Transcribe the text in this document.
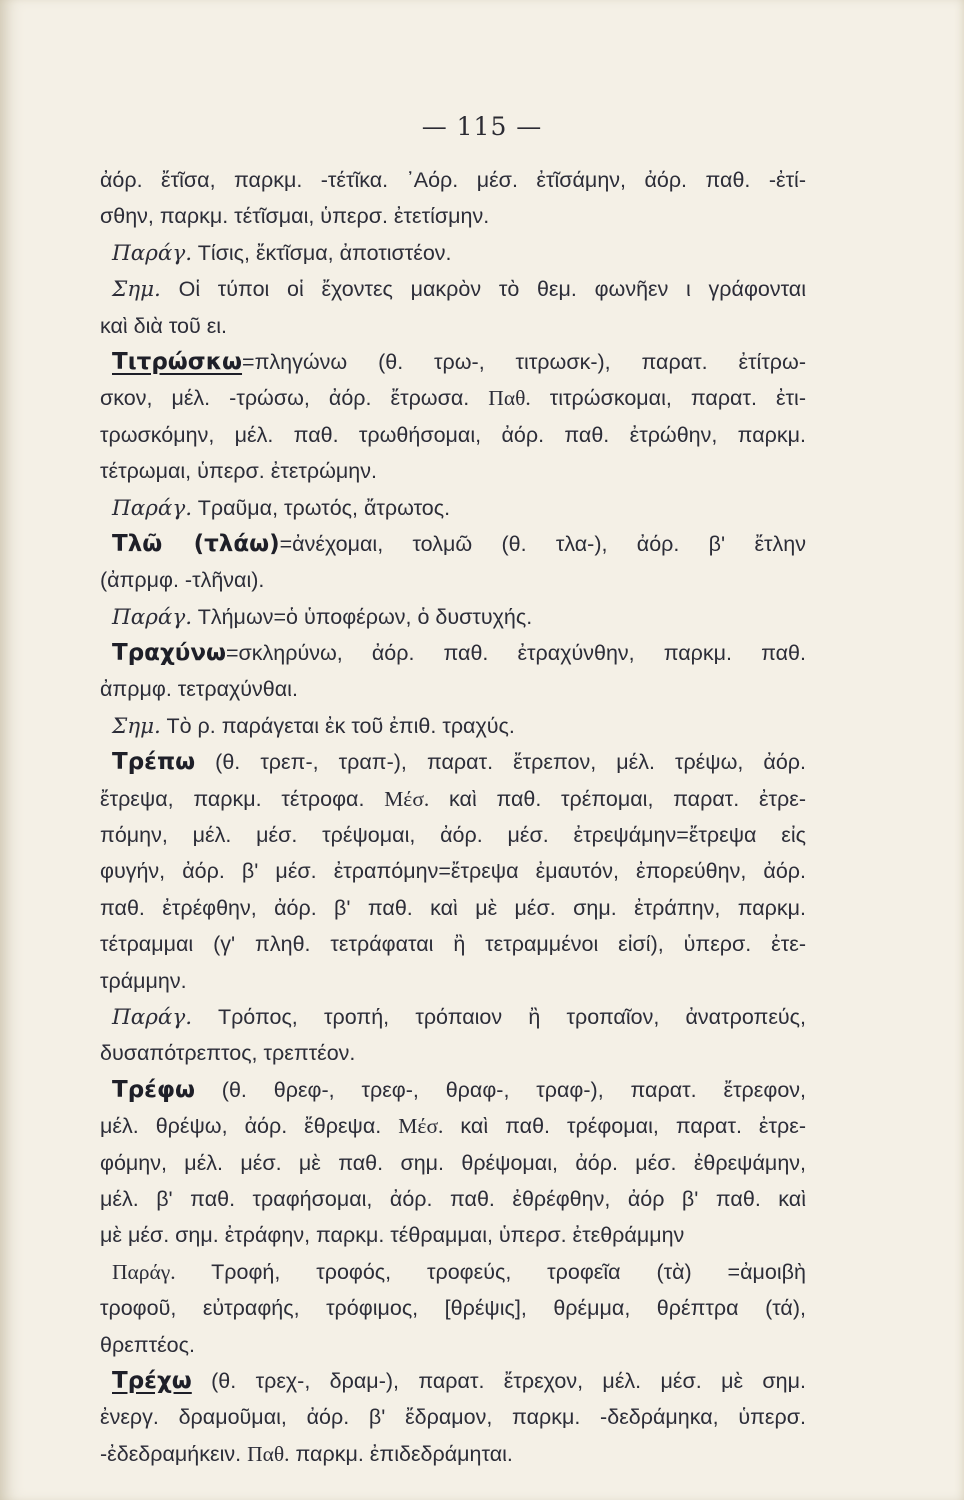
— 115 —
ἀόρ. ἔτῖσα, παρκμ. -τέτῖκα. ᾿Αόρ. μέσ. ἐτῖσάμην, ἀόρ. παθ. -ἐτί-
σθην, παρκμ. τέτῖσμαι, ὑπερσ. ἐτετίσμην.
Παράγ. Τίσις, ἔκτῖσμα, ἀποτιστέον.
Σημ. Οἱ τύποι οἱ ἔχοντες μακρὸν τὸ θεμ. φωνῆεν ι γράφονται
καὶ διὰ τοῦ ει.
Τιτρώσκω=πληγώνω (θ. τρω-, τιτρωσκ-), παρατ. ἐτίτρω-
σκον, μέλ. -τρώσω, ἀόρ. ἔτρωσα. Παθ. τιτρώσκομαι, παρατ. ἐτι-
τρωσκόμην, μέλ. παθ. τρωθήσομαι, ἀόρ. παθ. ἐτρώθην, παρκμ.
τέτρωμαι, ὑπερσ. ἐτετρώμην.
Παράγ. Τραῦμα, τρωτός, ἄτρωτος.
Τλῶ (τλάω)=ἀνέχομαι, τολμῶ (θ. τλα-), ἀόρ. β' ἔτλην
(ἀπρμφ. -τλῆναι).
Παράγ. Τλήμων=ὁ ὑποφέρων, ὁ δυστυχής.
Τραχύνω=σκληρύνω, ἀόρ. παθ. ἐτραχύνθην, παρκμ. παθ.
ἀπρμφ. τετραχύνθαι.
Σημ. Τὸ ρ. παράγεται ἐκ τοῦ ἐπιθ. τραχύς.
Τρέπω (θ. τρεπ-, τραπ-), παρατ. ἔτρεπον, μέλ. τρέψω, ἀόρ.
ἔτρεψα, παρκμ. τέτροφα. Μέσ. καὶ παθ. τρέπομαι, παρατ. ἐτρε-
πόμην, μέλ. μέσ. τρέψομαι, ἀόρ. μέσ. ἐτρεψάμην=ἔτρεψα εἰς
φυγήν, ἀόρ. β' μέσ. ἐτραπόμην=ἔτρεψα ἐμαυτόν, ἐπορεύθην, ἀόρ.
παθ. ἐτρέφθην, ἀόρ. β' παθ. καὶ μὲ μέσ. σημ. ἐτράπην, παρκμ.
τέτραμμαι (γ' πληθ. τετράφαται ἢ τετραμμένοι εἰσί), ὑπερσ. ἐτε-
τράμμην.
Παράγ. Τρόπος, τροπή, τρόπαιον ἢ τροπαῖον, ἀνατροπεύς,
δυσαπότρεπτος, τρεπτέον.
Τρέφω (θ. θρεφ-, τρεφ-, θραφ-, τραφ-), παρατ. ἔτρεφον,
μέλ. θρέψω, ἀόρ. ἔθρεψα. Μέσ. καὶ παθ. τρέφομαι, παρατ. ἐτρε-
φόμην, μέλ. μέσ. μὲ παθ. σημ. θρέψομαι, ἀόρ. μέσ. ἐθρεψάμην,
μέλ. β' παθ. τραφήσομαι, ἀόρ. παθ. ἐθρέφθην, ἀόρ β' παθ. καὶ
μὲ μέσ. σημ. ἐτράφην, παρκμ. τέθραμμαι, ὑπερσ. ἐτεθράμμην
Παράγ. Τροφή, τροφός, τροφεύς, τροφεῖα (τὰ) =ἀμοιβὴ
τροφοῦ, εὐτραφής, τρόφιμος, [θρέψις], θρέμμα, θρέπτρα (τά),
θρεπτέος.
Τρέχω (θ. τρεχ-, δραμ-), παρατ. ἔτρεχον, μέλ. μέσ. μὲ σημ.
ἐνεργ. δραμοῦμαι, ἀόρ. β' ἔδραμον, παρκμ. -δεδράμηκα, ὑπερσ.
-ἐδεδραμήκειν. Παθ. παρκμ. ἐπιδεδράμηται.
